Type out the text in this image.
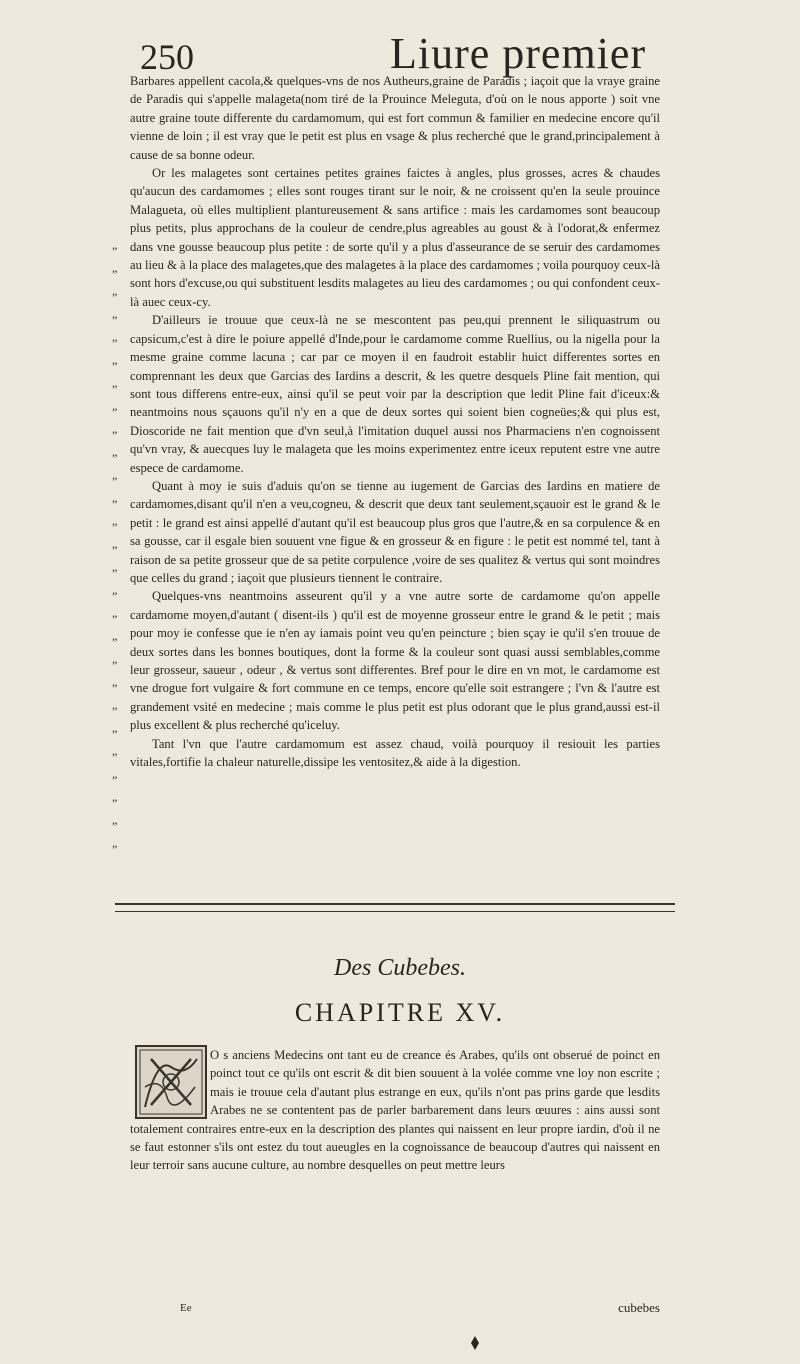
250	Liure premier
”
”
”
”
”
”
”
”
”
”
”
”
”
”
”
”
”
”
”
”
”
”
”
”
”
”
”

Barbares appellent cacola,& quelques-vns de nos Autheurs,graine de Paradis ; iaçoit que la vraye graine de Paradis qui s'appelle malageta(nom tiré de la Prouince Meleguta, d'où on le nous apporte ) soit vne autre graine toute differente du cardamomum, qui est fort commun & familier en medecine encore qu'il vienne de loin ; il est vray que le petit est plus en vsage & plus recherché que le grand,principalement à cause de sa bonne odeur.

Or les malagetes sont certaines petites graines faictes à angles, plus grosses, acres & chaudes qu'aucun des cardamomes ; elles sont rouges tirant sur le noir, & ne croissent qu'en la seule prouince Malagueta, où elles multiplient plantureusement & sans artifice : mais les cardamomes sont beaucoup plus petits, plus approchans de la couleur de cendre,plus agreables au goust & à l'odorat,& enfermez dans vne gousse beaucoup plus petite : de sorte qu'il y a plus d'asseurance de se seruir des cardamomes au lieu & à la place des malagetes,que des malagetes à la place des cardamomes ; voila pourquoy ceux-là sont hors d'excuse,ou qui substituent lesdits malagetes au lieu des cardamomes ; ou qui confondent ceux-là auec ceux-cy.

D'ailleurs ie trouue que ceux-là ne se mescontent pas peu,qui prennent le siliquastrum ou capsicum,c'est à dire le poiure appellé d'Inde,pour le cardamome comme Ruellius, ou la nigella pour la mesme graine comme lacuna ; car par ce moyen il en faudroit establir huict differentes sortes en comprennant les deux que Garcias des Iardins a descrit, & les quetre desquels Pline fait mention, qui sont tous differens entre-eux, ainsi qu'il se peut voir par la description que ledit Pline fait d'iceux:& neantmoins nous sçauons qu'il n'y en a que de deux sortes qui soient bien cogneües;& qui plus est, Dioscoride ne fait mention que d'vn seul,à l'imitation duquel aussi nos Pharmaciens n'en cognoissent qu'vn vray, & auecques luy le malageta que les moins experimentez entre iceux reputent estre vne autre espece de cardamome.

Quant à moy ie suis d'aduis qu'on se tienne au iugement de Garcias des Iardins en matiere de cardamomes,disant qu'il n'en a veu,cogneu, & descrit que deux tant seulement,sçauoir est le grand & le petit : le grand est ainsi appellé d'autant qu'il est beaucoup plus gros que l'autre,& en sa corpulence & en sa gousse, car il esgale bien souuent vne figue & en grosseur & en figure : le petit est nommé tel, tant à raison de sa petite grosseur que de sa petite corpulence ,voire de ses qualitez & vertus qui sont moindres que celles du grand ; iaçoit que plusieurs tiennent le contraire.

Quelques-vns neantmoins asseurent qu'il y a vne autre sorte de cardamome qu'on appelle cardamome moyen,d'autant ( disent-ils ) qu'il est de moyenne grosseur entre le grand & le petit ; mais pour moy ie confesse que ie n'en ay iamais point veu qu'en peincture ; bien sçay ie qu'il s'en trouue de deux sortes dans les bonnes boutiques, dont la forme & la couleur sont quasi aussi semblables,comme leur grosseur, saueur , odeur , & vertus sont differentes. Bref pour le dire en vn mot, le cardamome est vne drogue fort vulgaire & fort commune en ce temps, encore qu'elle soit estrangere ; l'vn & l'autre est grandement vsité en medecine ; mais comme le plus petit est plus odorant que le plus grand,aussi est-il plus excellent & plus recherché qu'iceluy.

Tant l'vn que l'autre cardamomum est assez chaud, voilà pourquoy il resiouit les parties vitales,fortifie la chaleur naturelle,dissipe les ventositez,& aide à la digestion.

Des Cubebes.
CHAPITRE XV.
O s anciens Medecins ont tant eu de creance és Arabes, qu'ils ont obserué de poinct en poinct tout ce qu'ils ont escrit & dit bien souuent à la volée comme vne loy non escrite ; mais ie trouue cela d'autant plus estrange en eux, qu'ils n'ont pas prins garde que lesdits Arabes ne se contentent pas de parler barbarement dans leurs œuures : ains aussi sont totalement contraires entre-eux en la description des plantes qui naissent en leur propre iardin, d'où il ne se faut estonner s'ils ont estez du tout aueugles en la cognoissance de beaucoup d'autres qui naissent en leur terroir sans aucune culture, au nombre desquelles on peut mettre leurs
Ee	cubebes
